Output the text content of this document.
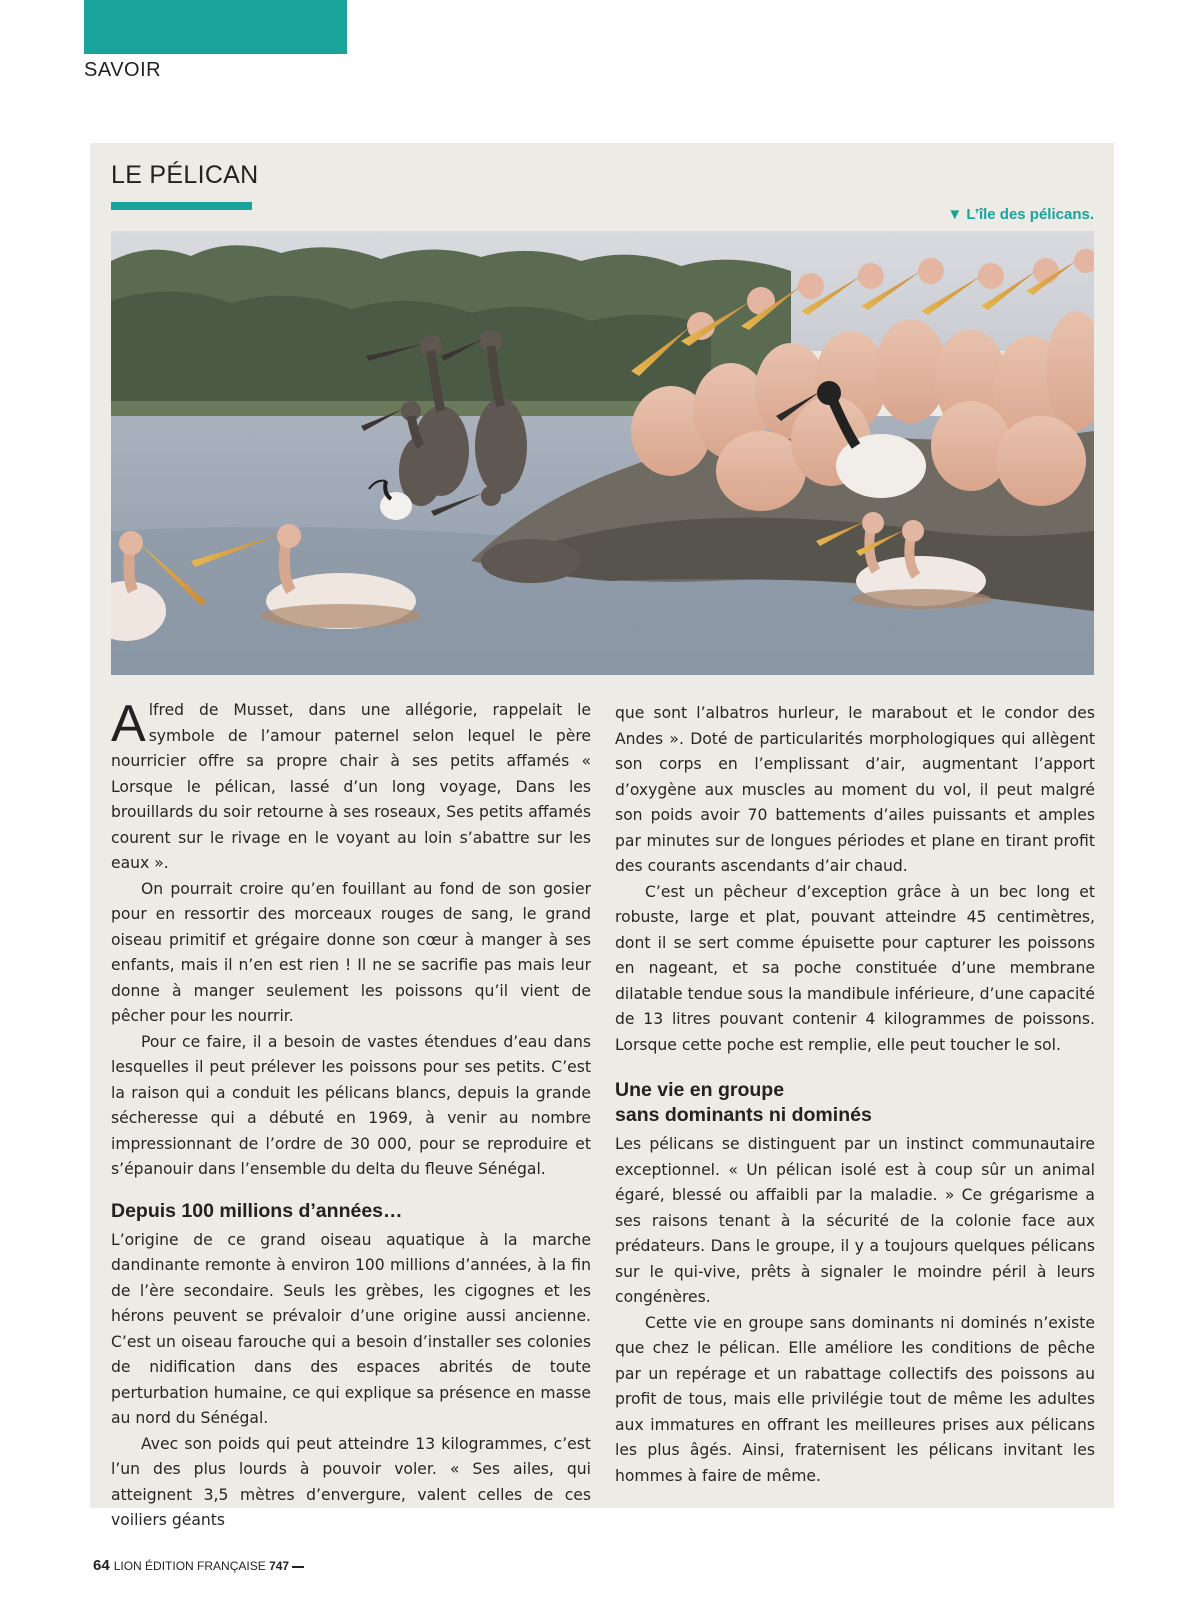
SAVOIR
LE PÉLICAN
▼ L’île des pélicans.

Alfred de Musset, dans une allégorie, rappelait le symbole de l’amour paternel selon lequel le père nourricier offre sa propre chair à ses petits affamés « Lorsque le pélican, lassé d’un long voyage, Dans les brouillards du soir retourne à ses roseaux, Ses petits affamés courent sur le rivage en le voyant au loin s’abattre sur les eaux ».

On pourrait croire qu’en fouillant au fond de son gosier pour en ressortir des morceaux rouges de sang, le grand oiseau primitif et grégaire donne son cœur à manger à ses enfants, mais il n’en est rien ! Il ne se sacrifie pas mais leur donne à manger seulement les poissons qu’il vient de pêcher pour les nourrir.

Pour ce faire, il a besoin de vastes étendues d’eau dans lesquelles il peut prélever les poissons pour ses petits. C’est la raison qui a conduit les pélicans blancs, depuis la grande sécheresse qui a débuté en 1969, à venir au nombre impressionnant de l’ordre de 30 000, pour se reproduire et s’épanouir dans l’ensemble du delta du fleuve Sénégal.

Depuis 100 millions d’années…

L’origine de ce grand oiseau aquatique à la marche dandinante remonte à environ 100 millions d’années, à la fin de l’ère secondaire. Seuls les grèbes, les cigognes et les hérons peuvent se prévaloir d’une origine aussi ancienne. C’est un oiseau farouche qui a besoin d’installer ses colonies de nidification dans des espaces abrités de toute perturbation humaine, ce qui explique sa présence en masse au nord du Sénégal.

Avec son poids qui peut atteindre 13 kilogrammes, c’est l’un des plus lourds à pouvoir voler. « Ses ailes, qui atteignent 3,5 mètres d’envergure, valent celles de ces voiliers géants

que sont l’albatros hurleur, le marabout et le condor des Andes ». Doté de particularités morphologiques qui allègent son corps en l’emplissant d’air, augmentant l’apport d’oxygène aux muscles au moment du vol, il peut malgré son poids avoir 70 battements d’ailes puissants et amples par minutes sur de longues périodes et plane en tirant profit des courants ascendants d’air chaud.

C’est un pêcheur d’exception grâce à un bec long et robuste, large et plat, pouvant atteindre 45 centimètres, dont il se sert comme épuisette pour capturer les poissons en nageant, et sa poche constituée d’une membrane dilatable tendue sous la mandibule inférieure, d’une capacité de 13 litres pouvant contenir 4 kilogrammes de poissons. Lorsque cette poche est remplie, elle peut toucher le sol.

Une vie en groupe
sans dominants ni dominés

Les pélicans se distinguent par un instinct communautaire exceptionnel. « Un pélican isolé est à coup sûr un animal égaré, blessé ou affaibli par la maladie. » Ce grégarisme a ses raisons tenant à la sécurité de la colonie face aux prédateurs. Dans le groupe, il y a toujours quelques pélicans sur le qui-vive, prêts à signaler le moindre péril à leurs congénères.

Cette vie en groupe sans dominants ni dominés n’existe que chez le pélican. Elle améliore les conditions de pêche par un repérage et un rabattage collectifs des poissons au profit de tous, mais elle privilégie tout de même les adultes aux immatures en offrant les meilleures prises aux pélicans les plus âgés. Ainsi, fraternisent les pélicans invitant les hommes à faire de même.

64 LION ÉDITION FRANÇAISE 747
